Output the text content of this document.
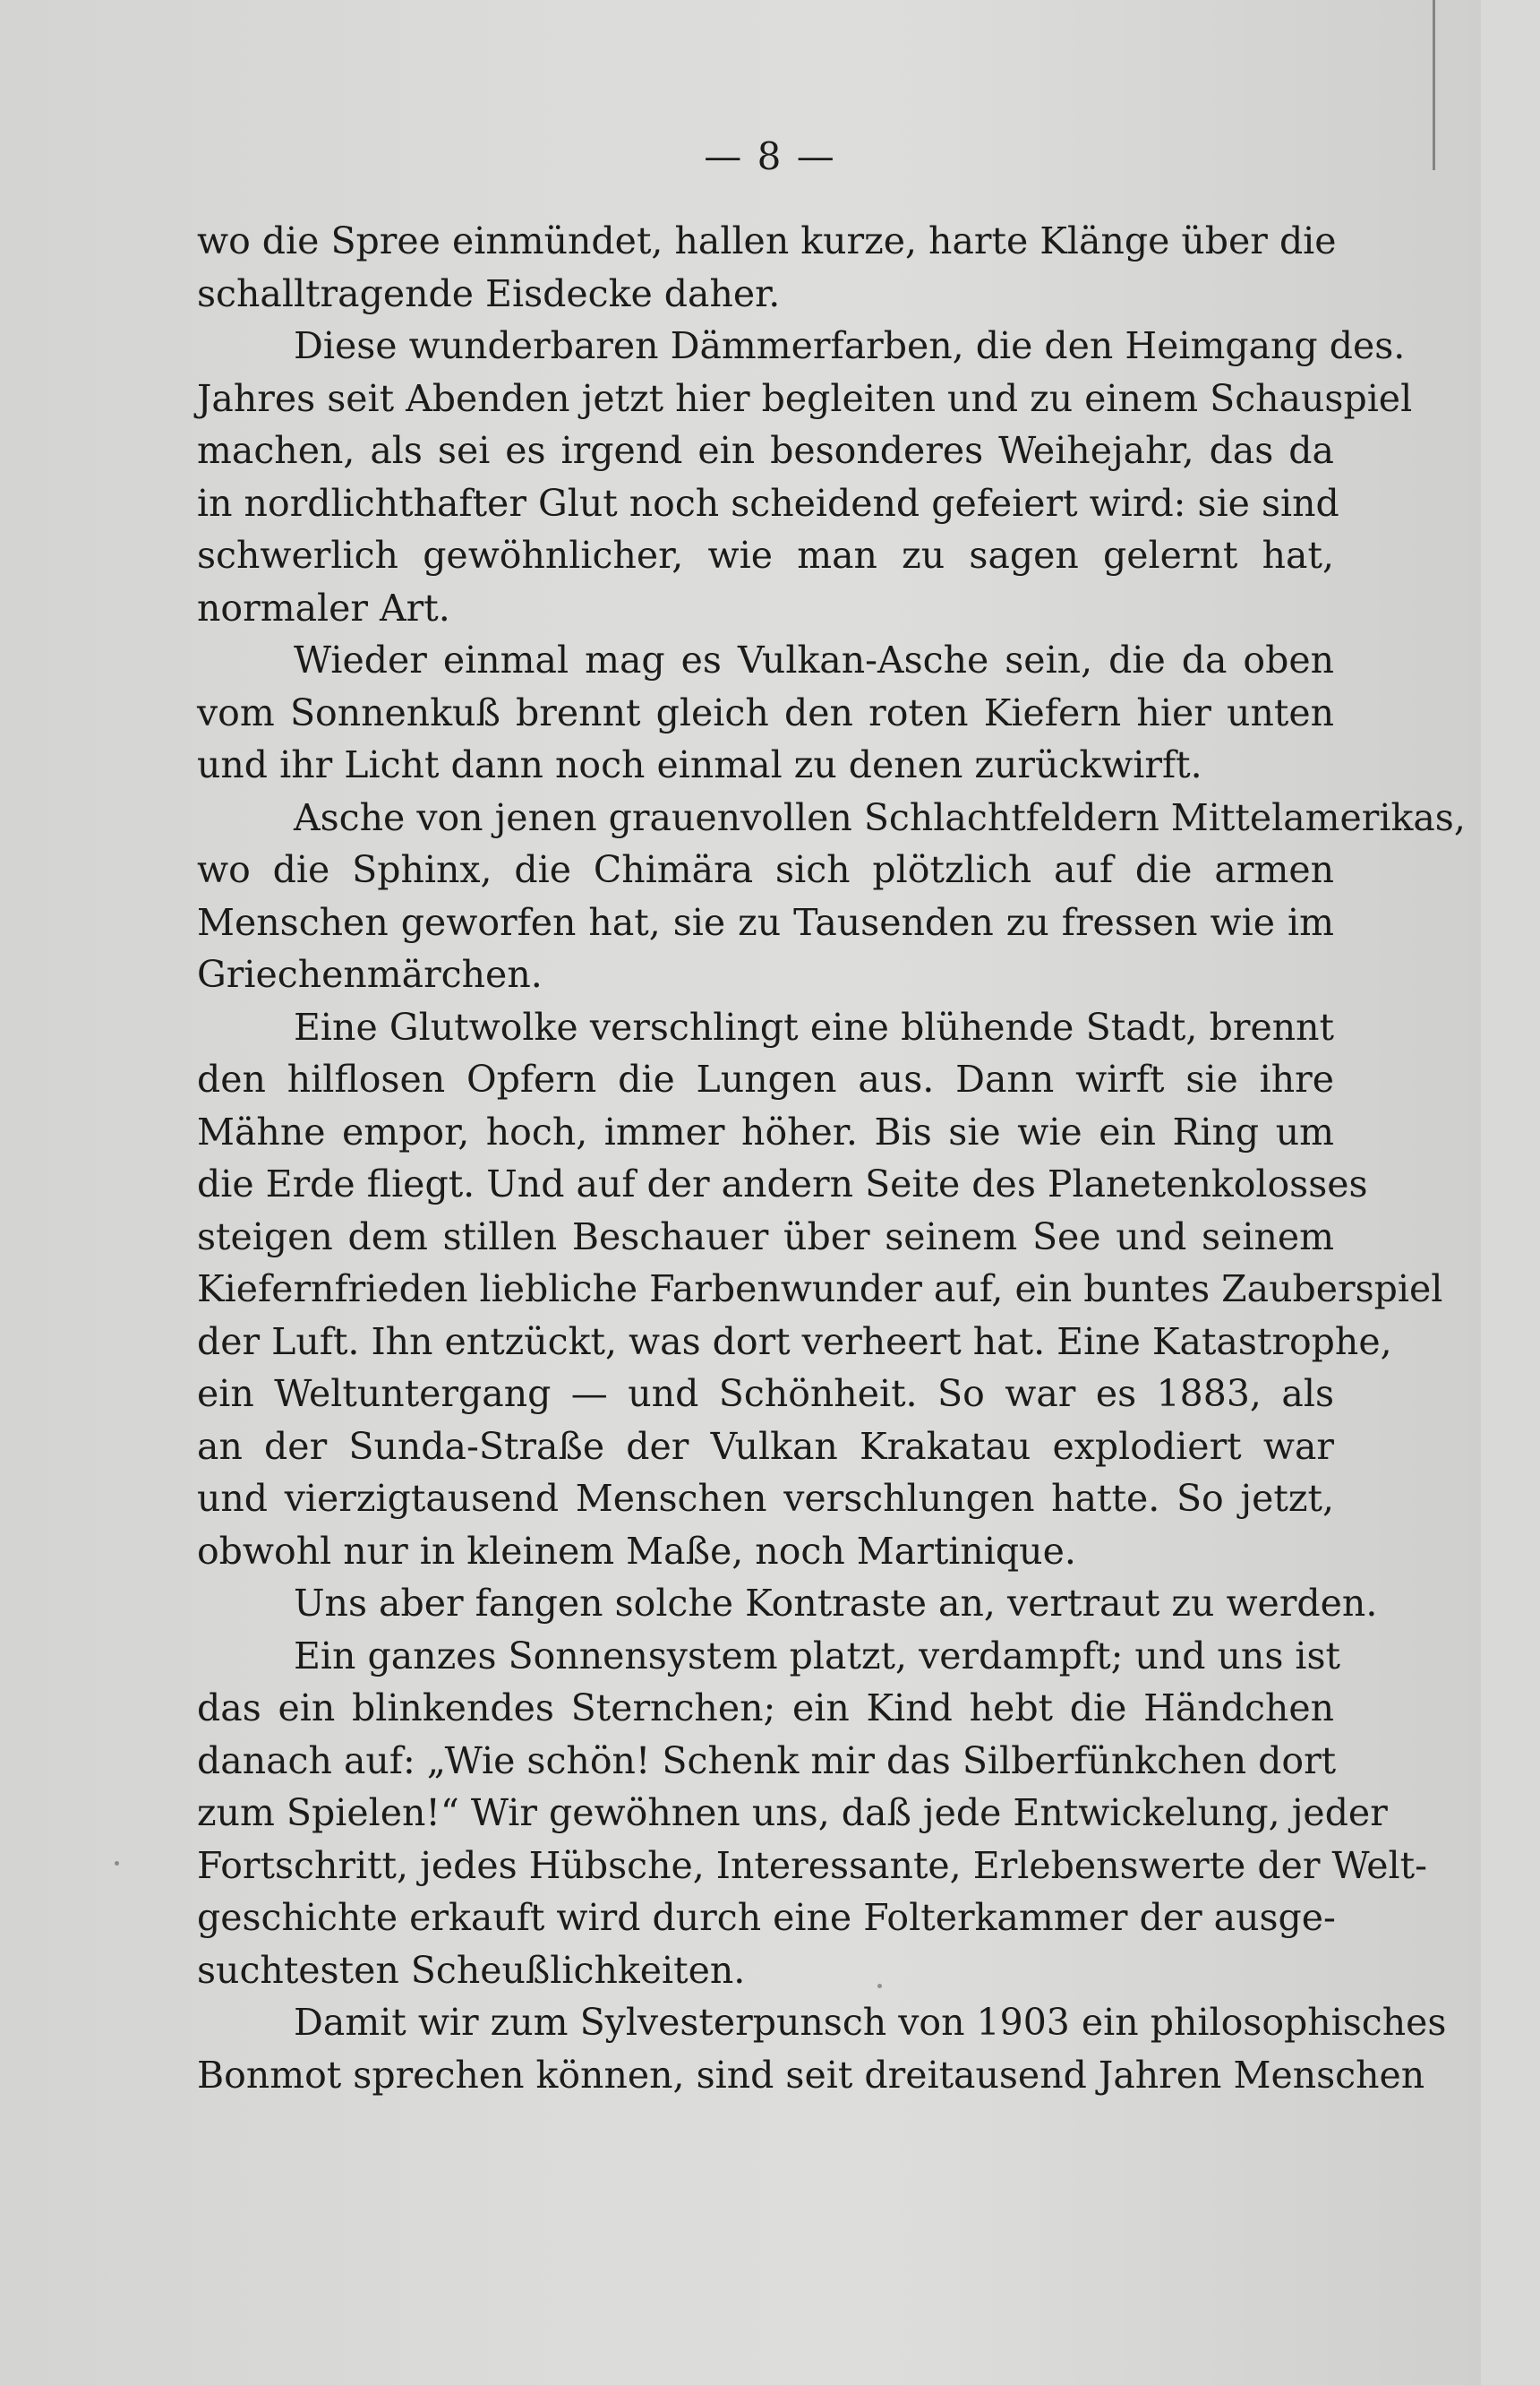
— 8 —
wo die Spree einmündet, hallen kurze, harte Klänge über die
schalltragende Eisdecke daher.
Diese wunderbaren Dämmerfarben, die den Heimgang des.
Jahres seit Abenden jetzt hier begleiten und zu einem Schauspiel
machen, als sei es irgend ein besonderes Weihejahr, das da
in nordlichthafter Glut noch scheidend gefeiert wird: sie sind
schwerlich gewöhnlicher, wie man zu sagen gelernt hat,
normaler Art.
Wieder einmal mag es Vulkan-Asche sein, die da oben
vom Sonnenkuß brennt gleich den roten Kiefern hier unten
und ihr Licht dann noch einmal zu denen zurückwirft.
Asche von jenen grauenvollen Schlachtfeldern Mittelamerikas,
wo die Sphinx, die Chimära sich plötzlich auf die armen
Menschen geworfen hat, sie zu Tausenden zu fressen wie im
Griechenmärchen.
Eine Glutwolke verschlingt eine blühende Stadt, brennt
den hilflosen Opfern die Lungen aus. Dann wirft sie ihre
Mähne empor, hoch, immer höher. Bis sie wie ein Ring um
die Erde fliegt. Und auf der andern Seite des Planetenkolosses
steigen dem stillen Beschauer über seinem See und seinem
Kiefernfrieden liebliche Farbenwunder auf, ein buntes Zauberspiel
der Luft. Ihn entzückt, was dort verheert hat. Eine Katastrophe,
ein Weltuntergang — und Schönheit. So war es 1883, als
an der Sunda-Straße der Vulkan Krakatau explodiert war
und vierzigtausend Menschen verschlungen hatte. So jetzt,
obwohl nur in kleinem Maße, noch Martinique.
Uns aber fangen solche Kontraste an, vertraut zu werden.
Ein ganzes Sonnensystem platzt, verdampft; und uns ist
das ein blinkendes Sternchen; ein Kind hebt die Händchen
danach auf: „Wie schön! Schenk mir das Silberfünkchen dort
zum Spielen!“ Wir gewöhnen uns, daß jede Entwickelung, jeder
Fortschritt, jedes Hübsche, Interessante, Erlebenswerte der Welt-
geschichte erkauft wird durch eine Folterkammer der ausge-
suchtesten Scheußlichkeiten.
Damit wir zum Sylvesterpunsch von 1903 ein philosophisches
Bonmot sprechen können, sind seit dreitausend Jahren Menschen
